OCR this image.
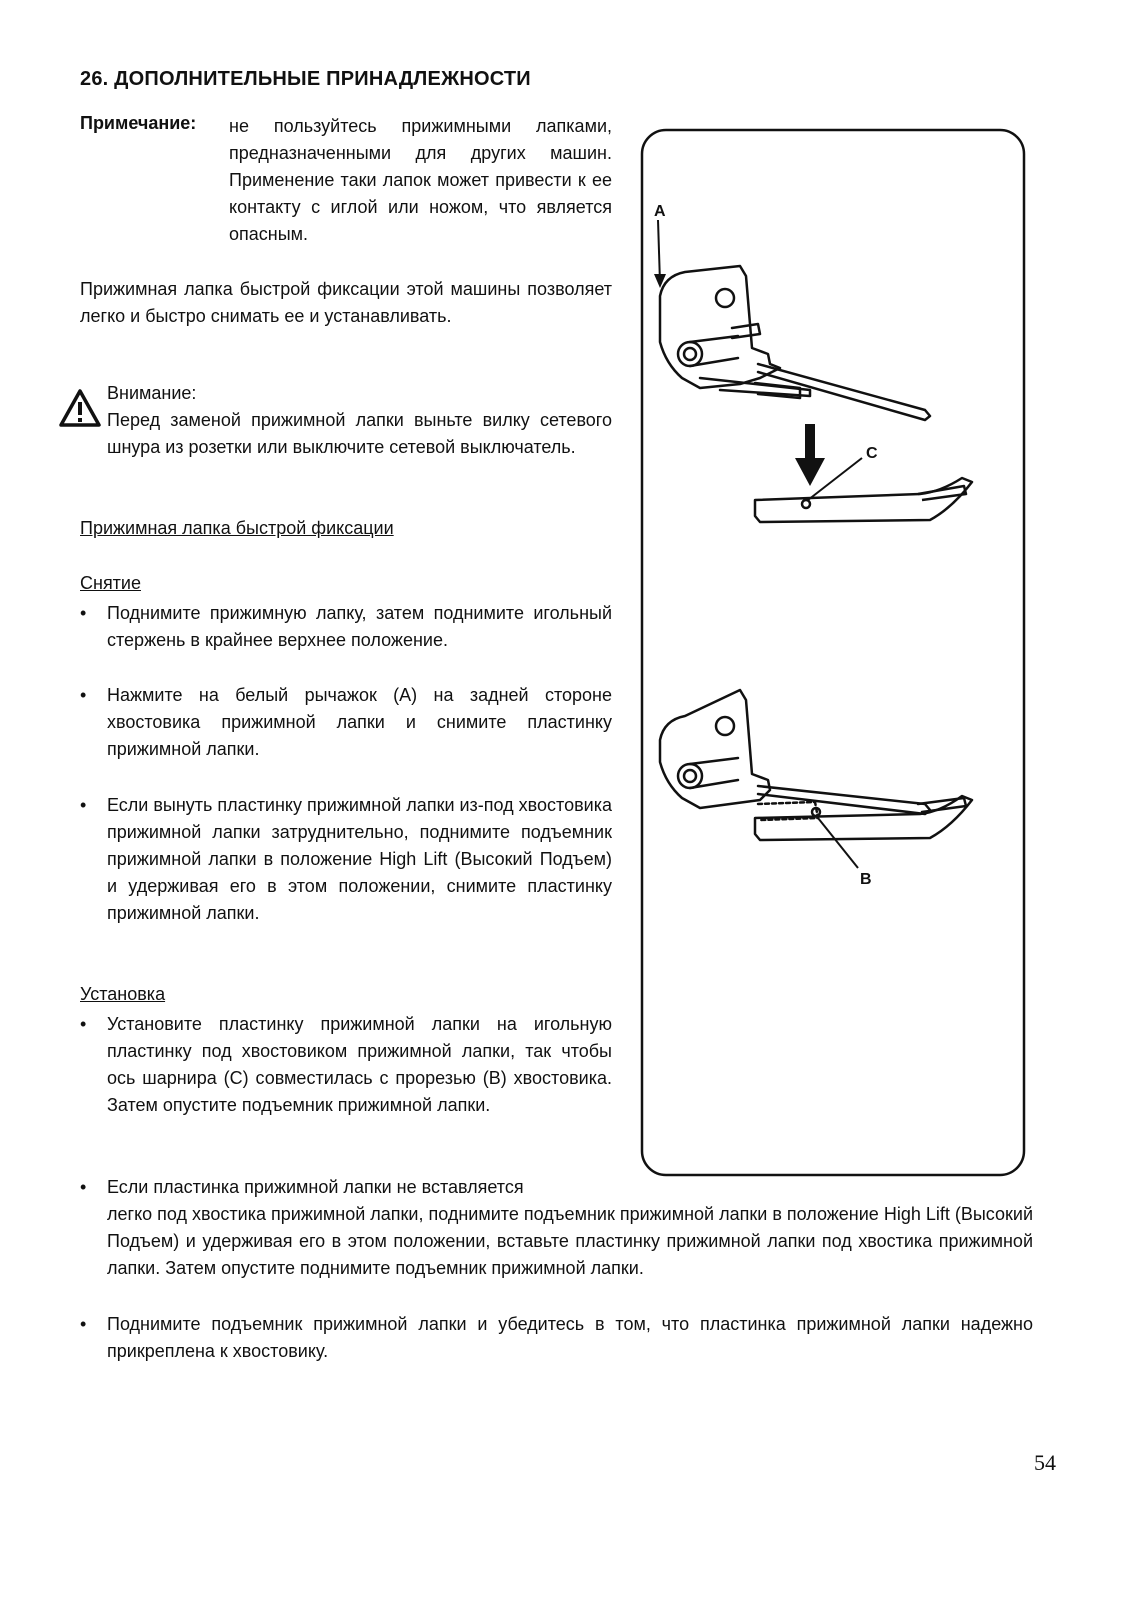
26. ДОПОЛНИТЕЛЬНЫЕ ПРИНАДЛЕЖНОСТИ
Примечание: не пользуйтесь прижимными лапками, предназначенными для других машин. Применение таки лапок может привести к ее контакту с иглой или ножом, что является опасным.
Прижимная лапка быстрой фиксации этой машины позволяет легко и быстро снимать ее и устанавливать.
Внимание:
Перед заменой прижимной лапки выньте вилку сетевого шнура из розетки или выключите сетевой выключатель.
Прижимная лапка быстрой фиксации
Снятие
•	Поднимите прижимную лапку, затем поднимите игольный стержень в крайнее верхнее положение.
•	Нажмите на белый рычажок (А) на задней стороне хвостовика прижимной лапки и снимите пластинку прижимной лапки.
•	Если вынуть пластинку прижимной лапки из-под хвостовика прижимной лапки затруднительно, поднимите подъемник прижимной лапки в положение High Lift (Высокий Подъем) и удерживая его в этом положении, снимите пластинку прижимной лапки.
Установка
•	Установите пластинку прижимной лапки на игольную пластинку под хвостовиком прижимной лапки, так чтобы ось шарнира (С) совместилась с прорезью (В) хвостовика. Затем опустите подъемник прижимной лапки.
•	Если пластинка прижимной лапки не вставляется
легко под хвостика прижимной лапки, поднимите подъемник прижимной лапки в положение High Lift (Высокий Подъем) и удерживая его в этом положении, вставьте пластинку прижимной лапки под хвостика прижимной лапки. Затем опустите поднимите подъемник прижимной лапки.
•	Поднимите подъемник прижимной лапки и убедитесь в том, что пластинка прижимной лапки надежно прикреплена к хвостовику.
A
C
B
54
